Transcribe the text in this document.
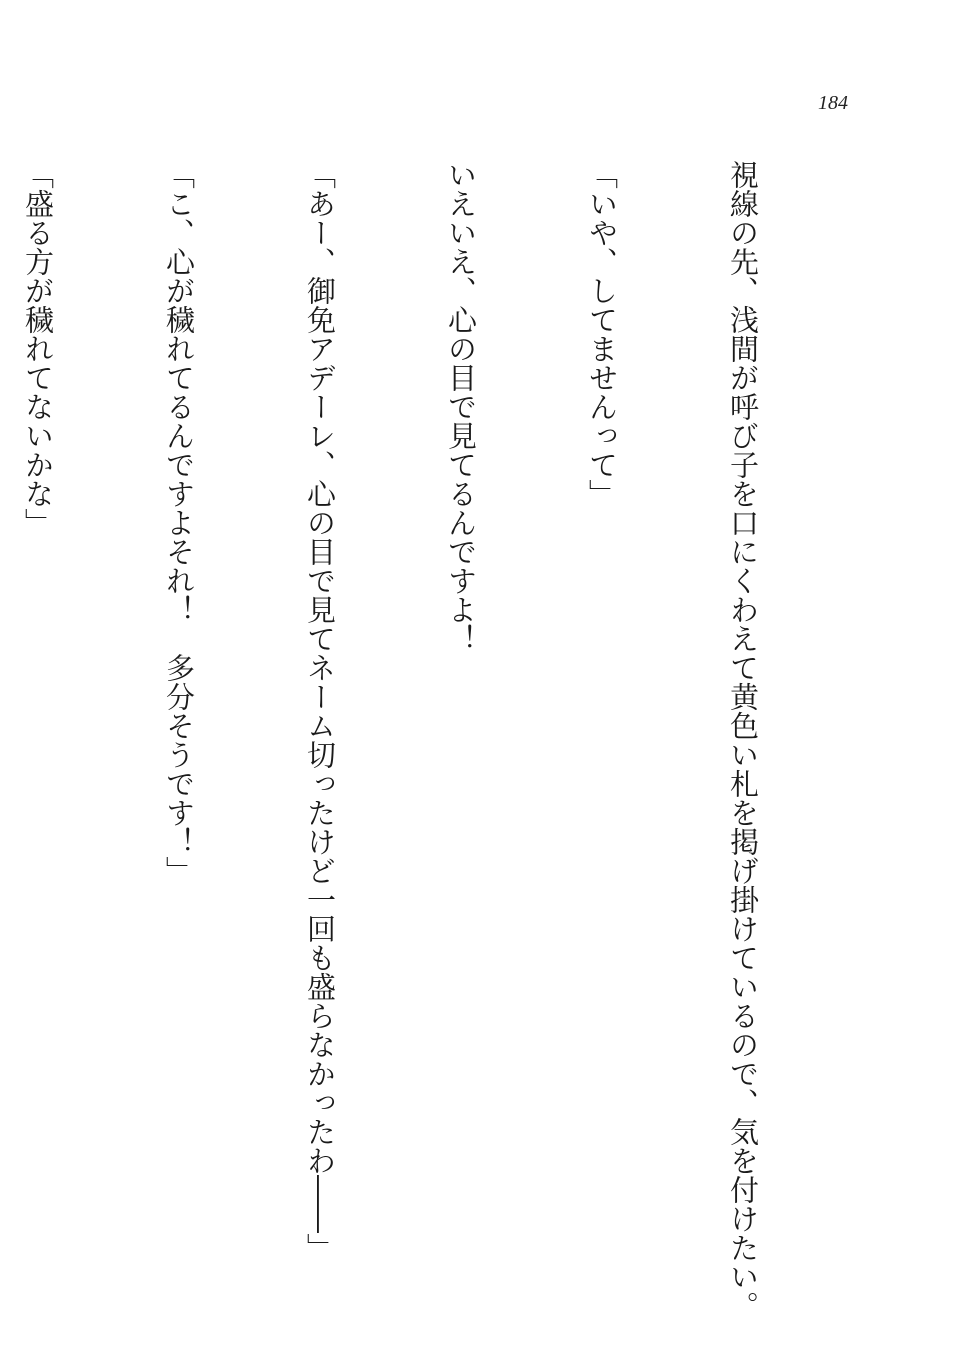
184

視線の先、浅間が呼び子を口にくわえて黄色い札を掲げ掛けているので、気を付けたい。

「いや、してませんって」

いえいえ、心の目で見てるんですよ！

「あー、御免アデーレ、心の目で見てネーム切ったけど一回も盛らなかったわ――」

「こ、心が穢れてるんですよそれ！　多分そうです！」

「盛る方が穢れてないかな」
